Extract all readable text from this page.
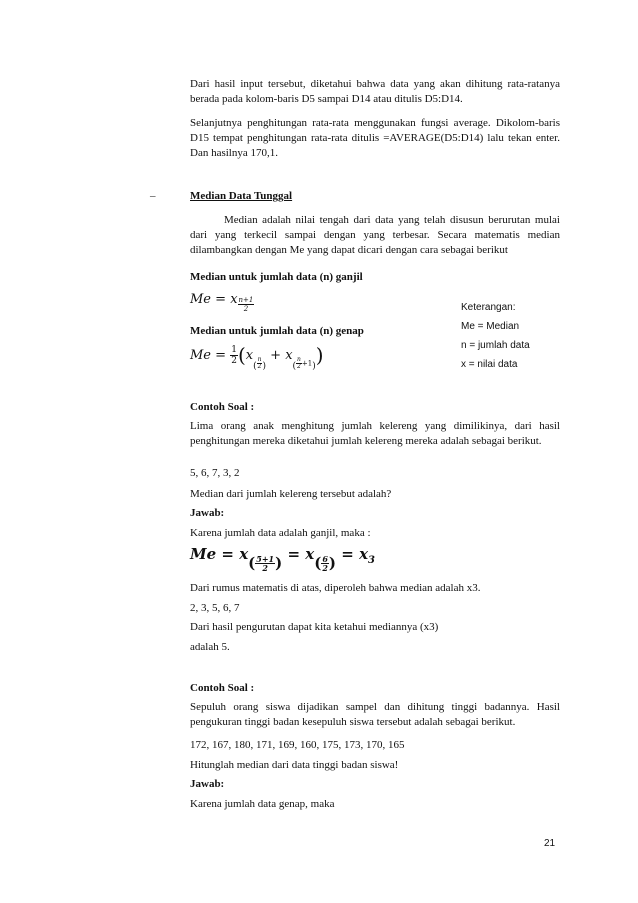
Dari hasil input tersebut, diketahui bahwa data yang akan dihitung rata-ratanya berada pada kolom-baris D5 sampai D14 atau ditulis D5:D14.
Selanjutnya penghitungan rata-rata menggunakan fungsi average. Dikolom-baris D15 tempat penghitungan rata-rata ditulis =AVERAGE(D5:D14) lalu tekan enter. Dan hasilnya 170,1.
–	Median Data Tunggal
Median adalah nilai tengah dari data yang telah disusun berurutan mulai dari yang terkecil sampai dengan yang terbesar. Secara matematis median dilambangkan dengan Me yang dapat dicari dengan cara sebagai berikut
Median untuk jumlah data (n) ganjil
Me = x $\frac{n+1}{2}$	Keterangan:
Me = Median
n = jumlah data
x = nilai data
Median untuk jumlah data (n) genap
$Me = \frac{1}{2} (x( \frac{n}{2}$ ) + $x( \frac{n}{2} +1)$)
Contoh Soal :
Lima orang anak menghitung jumlah kelereng yang dimilikinya, dari hasil penghitungan mereka diketahui jumlah kelereng mereka adalah sebagai berikut.
5, 6, 7, 3, 2
Median dari jumlah kelereng tersebut adalah?
Jawab:
Karena jumlah data adalah ganjil, maka :
$Me = x( \frac{5+1}{2}$ ) = $x( \frac{6}{2}$ ) = $x_3$
Dari rumus matematis di atas, diperoleh bahwa median adalah x3.
2, 3, 5, 6, 7
Dari hasil pengurutan dapat kita ketahui mediannya (x3)
adalah 5.
Contoh Soal :
Sepuluh orang siswa dijadikan sampel dan dihitung tinggi badannya. Hasil pengukuran tinggi badan kesepuluh siswa tersebut adalah sebagai berikut.
172, 167, 180, 171, 169, 160, 175, 173, 170, 165
Hitunglah median dari data tinggi badan siswa!
Jawab:
Karena jumlah data genap, maka
21
